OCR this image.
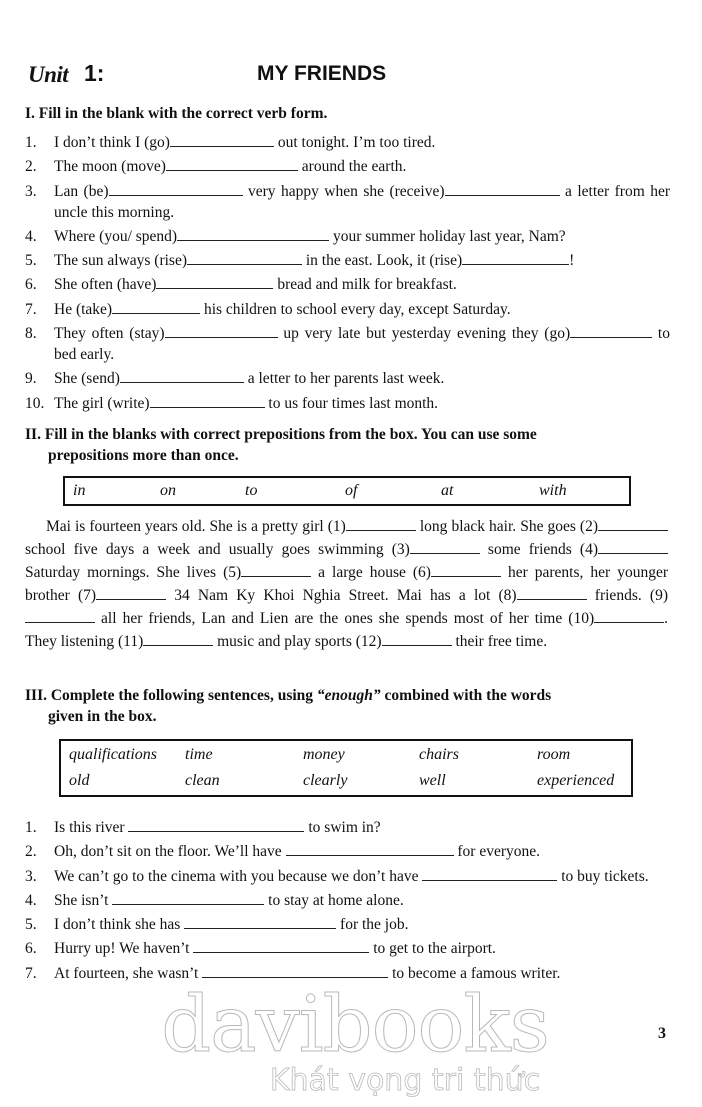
Unit 1:	MY FRIENDS
I. Fill in the blank with the correct verb form.
1. I don’t think I (go)	out tonight. I’m too tired.
2. The moon (move)	around the earth.
3. Lan (be)	very happy when she (receive)	a letter from her uncle this morning.
4. Where (you/ spend)	your summer holiday last year, Nam?
5. The sun always (rise)	in the east. Look, it (rise)	!
6. She often (have)	bread and milk for breakfast.
7. He (take)	his children to school every day, except Saturday.
8. They often (stay)	up very late but yesterday evening they (go)	to bed early.
9. She (send)	a letter to her parents last week.
10. The girl (write)	to us four times last month.
II. Fill in the blanks with correct prepositions from the box. You can use some
prepositions more than once.
in	on	to	of	at	with

Mai is fourteen years old. She is a pretty girl (1)	long black hair. She goes (2) school five days a week and usually goes swimming (3)	some friends (4) Saturday mornings. She lives (5)	a large house (6)	her parents, her younger brother (7)	34 Nam Ky Khoi Nghia Street. Mai has a lot (8)	friends. (9) all her friends, Lan and Lien are the ones she spends most of her time (10)	. They listening (11)	music and play sports (12)	their free time.

III. Complete the following sentences, using “enough” combined with the words
given in the box.
qualifications time	money	chairs	room
old	clean	clearly	well	experienced
1. Is this river	to swim in?
2. Oh, don’t sit on the floor. We’ll have	for everyone.
3. We can’t go to the cinema with you because we don’t have	to buy tickets.
4. She isn’t	to stay at home alone.
5. I don’t think she has	for the job.
6. Hurry up! We haven’t	to get to the airport.
7. At fourteen, she wasn’t	to become a famous writer.
davibooks
Khát vọng tri thức
3
